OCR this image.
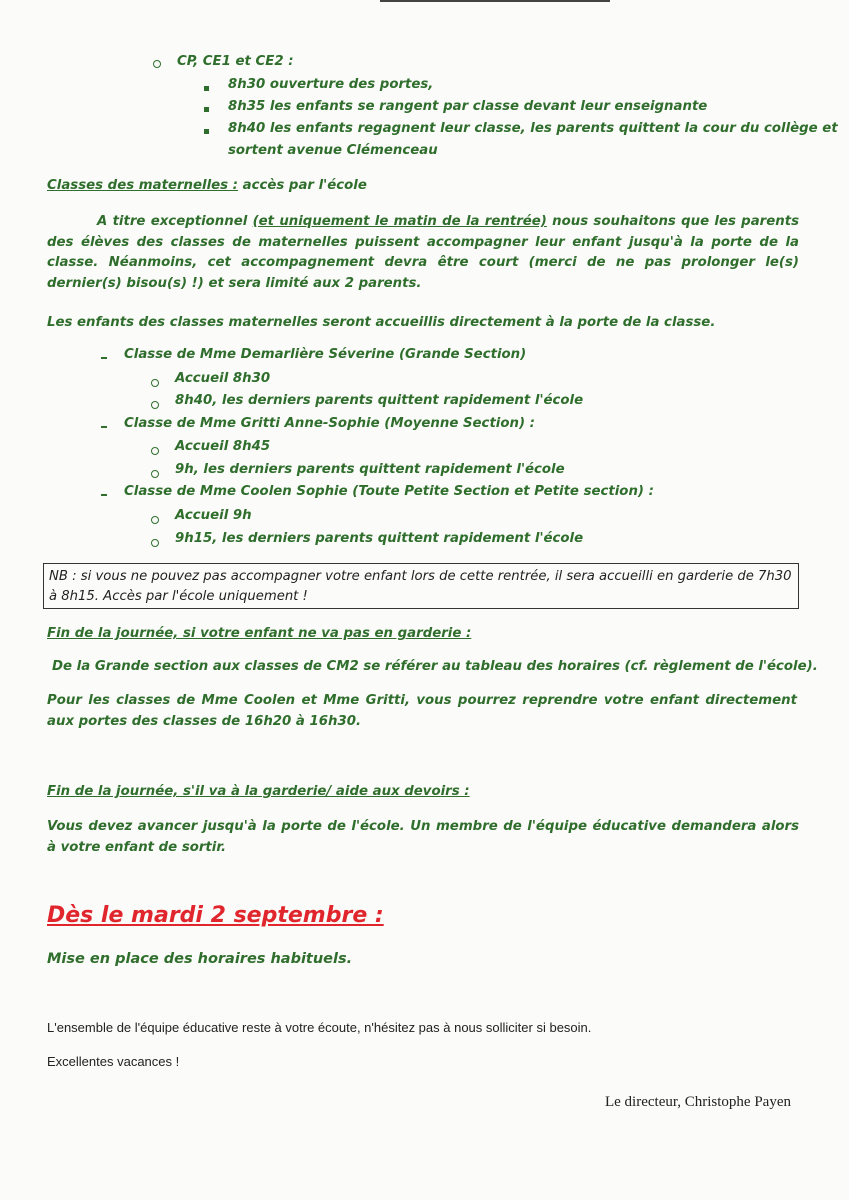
CP, CE1 et CE2 :
8h30 ouverture des portes,
8h35 les enfants se rangent par classe devant leur enseignante
8h40 les enfants regagnent leur classe, les parents quittent la cour du collège et
sortent avenue Clémenceau
Classes des maternelles : accès par l'école
A titre exceptionnel (et uniquement le matin de la rentrée) nous souhaitons que les parents des élèves des classes de maternelles puissent accompagner leur enfant jusqu'à la porte de la classe. Néanmoins, cet accompagnement devra être court (merci de ne pas prolonger le(s) dernier(s) bisou(s) !) et sera limité aux 2 parents.
Les enfants des classes maternelles seront accueillis directement à la porte de la classe.
Classe de Mme Demarlière Séverine (Grande Section)
Accueil 8h30
8h40, les derniers parents quittent rapidement l'école
Classe de Mme Gritti Anne-Sophie (Moyenne Section) :
Accueil 8h45
9h, les derniers parents quittent rapidement l'école
Classe de Mme Coolen Sophie (Toute Petite Section et Petite section) :
Accueil 9h
9h15, les derniers parents quittent rapidement l'école
NB : si vous ne pouvez pas accompagner votre enfant lors de cette rentrée, il sera accueilli en garderie de 7h30 à 8h15. Accès par l'école uniquement !
Fin de la journée, si votre enfant ne va pas en garderie :
De la Grande section aux classes de CM2 se référer au tableau des horaires (cf. règlement de l'école).
Pour les classes de Mme Coolen et Mme Gritti, vous pourrez reprendre votre enfant directement aux portes des classes de 16h20 à 16h30.
Fin de la journée, s'il va à la garderie/ aide aux devoirs :
Vous devez avancer jusqu'à la porte de l'école. Un membre de l'équipe éducative demandera alors à votre enfant de sortir.
Dès le mardi 2 septembre :
Mise en place des horaires habituels.
L'ensemble de l'équipe éducative reste à votre écoute, n'hésitez pas à nous solliciter si besoin.
Excellentes vacances !
Le directeur, Christophe Payen
